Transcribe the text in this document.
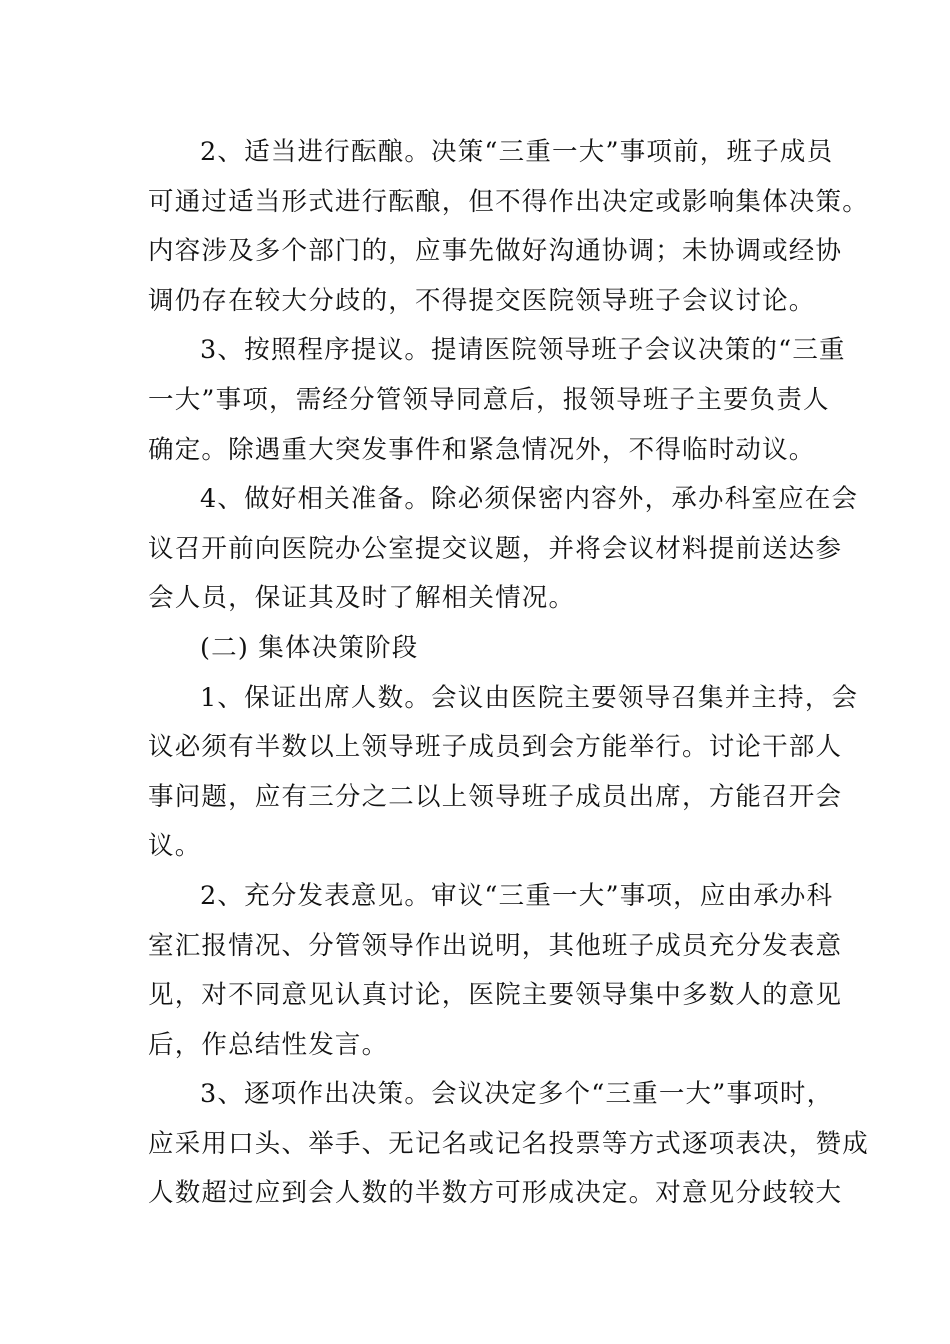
2、适当进行酝酿。决策“三重一大”事项前，班子成员
可通过适当形式进行酝酿，但不得作出决定或影响集体决策。
内容涉及多个部门的，应事先做好沟通协调；未协调或经协
调仍存在较大分歧的，不得提交医院领导班子会议讨论。
3、按照程序提议。提请医院领导班子会议决策的“三重
一大”事项，需经分管领导同意后，报领导班子主要负责人
确定。除遇重大突发事件和紧急情况外，不得临时动议。
4、做好相关准备。除必须保密内容外，承办科室应在会
议召开前向医院办公室提交议题，并将会议材料提前送达参
会人员，保证其及时了解相关情况。
(二) 集体决策阶段
1、保证出席人数。会议由医院主要领导召集并主持，会
议必须有半数以上领导班子成员到会方能举行。讨论干部人
事问题，应有三分之二以上领导班子成员出席，方能召开会
议。
2、充分发表意见。审议“三重一大”事项，应由承办科
室汇报情况、分管领导作出说明，其他班子成员充分发表意
见，对不同意见认真讨论，医院主要领导集中多数人的意见
后，作总结性发言。
3、逐项作出决策。会议决定多个“三重一大”事项时，
应采用口头、举手、无记名或记名投票等方式逐项表决，赞成
人数超过应到会人数的半数方可形成决定。对意见分歧较大
